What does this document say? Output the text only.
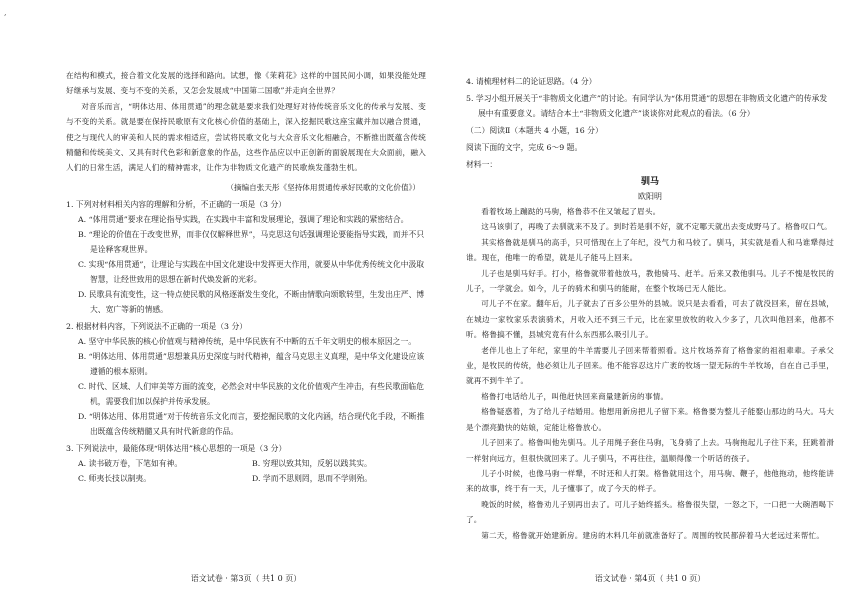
,

在结构和模式，接合着文化发展的选择和路向。试想，像《茉莉花》这样的中国民间小调，如果没能处理好继承与发展、变与不变的关系，又怎会发展成“中国第二国歌”并走向全世界？

对音乐而言，“明体达用、体用贯通”的理念就是要求我们处理好对待传统音乐文化的传承与发展、变与不变的关系。就是要在保持民歌原有文化核心价值的基础上，深入挖掘民歌这座宝藏并加以融合贯通，使之与现代人的审美和人民的需求相适应，尝试将民歌文化与大众音乐文化相融合，不断推出既蕴含传统精髓和传统美文、又具有时代色彩和新意象的作品，这些作品应以中正创新的面貌展现在大众面前，融入人们的日常生活，满足人们的精神需求，让作为非物质文化遗产的民歌焕发蓬勃生机。

（摘编自张天彤《坚持体用贯通传承好民歌的文化价值》）
1. 下列对材料相关内容的理解和分析，不正确的一项是（3 分）
A. “体用贯通”要求在理论指导实践，在实践中丰富和发展理论，强调了理论和实践的紧密结合。
B. “理论的价值在于改变世界，而非仅仅解释世界”，马克思这句话强调理论要能指导实践，而并不只是诠释客观世界。
C. 实现“体用贯通”，让理论与实践在中国文化建设中发挥更大作用，就要从中华优秀传统文化中汲取智慧，让经世致用的思想在新时代焕发新的光彩。
D. 民歌具有流变性，这一特点使民歌的风格逐渐发生变化，不断由情歌向颂歌转型，生发出庄严、博大、宽广等新的情感。
2. 根据材料内容，下列说法不正确的一项是（3 分）
A. 坚守中华民族的核心价值观与精神传统，是中华民族有不中断的五千年文明史的根本原因之一。
B. “明体达用、体用贯通”思想兼具历史深度与时代精神，蕴含马克思主义真理，是中华文化建设应该遵循的根本原则。
C. 时代、区域、人们审美等方面的流变，必然会对中华民族的文化价值观产生冲击，有些民歌面临危机，需要我们加以保护并传承发展。
D. “明体达用、体用贯通”对于传统音乐文化而言，要挖掘民歌的文化内涵，结合现代化手段，不断推出既蕴含传统精髓又具有时代新意的作品。
3. 下列说法中，最能体现“明体达用”核心思想的一项是（3 分）
A. 读书破万卷，下笔如有神。	B. 穷理以致其知，反躬以践其实。
C. 师夷长技以制夷。	D. 学而不思则罔，思而不学则殆。
语文试卷 · 第3页（ 共1 0 页）
4. 请梳理材料二的论证思路。（4 分）
5. 学习小组开展关于“非物质文化遗产”的讨论。有同学认为“体用贯通”的思想在非物质文化遗产的传承发展中有重要意义。请结合本土“非物质文化遗产”谈谈你对此观点的看法。（6 分）
（二）阅读Ⅱ（本题共 4 小题，16 分）
阅读下面的文字，完成 6～9 题。
材料一：
驯马
欧阳明

看着牧场上蹦跶的马驹，格鲁恭不住又皱起了眉头。

这马该驯了，再晚了去驯就来不及了。到时若是驯不好，就不定哪天就出去变成野马了。格鲁叹口气。

其实格鲁就是驯马的高手，只可惜现在上了年纪，没气力和马较了。驯马，其实就是看人和马谁犟得过谁。现在，他唯一的希望，就是儿子能马上回来。

儿子也是驯马好手。打小，格鲁就带着他放马，教他骑马、赶羊。后来又教他驯马。儿子不愧是牧民的儿子，一学就会。如今，儿子的骑术和驯马的能耐，在整个牧场已无人能比。

可儿子不在家。翻年后，儿子就去了百多公里外的县城。说只是去看看，可去了就没回来，留在县城，在城边一家牧家乐表演骑术，月收入还不到三千元，比在家里放牧的收入少多了，几次叫他回来，他都不听。格鲁搞不懂，县城究竟有什么东西那么吸引儿子。

老伴儿也上了年纪，家里的牛羊需要儿子回来帮着照看。这片牧场养育了格鲁家的祖祖辈辈。子承父业，是牧民的传统，他必须让儿子回来。他不能容忍这片广袤的牧场一望无际的牛羊牧场，自在自己手里，就再不到牛羊了。

格鲁打电话给儿子，叫他赶快回来商量建新房的事情。

格鲁疑惑着，为了给儿子结婚用。他想用新房把儿子留下来。格鲁要为整儿子能娶山那边的马大。马大是个漂亮勤快的姑娘，定能让格鲁放心。

儿子回来了。格鲁叫他先驯马。儿子用绳子套住马驹，飞身骑了上去。马驹拖起儿子往下来，狂跳着滑一样射向远方，但很快就回来了。儿子驯马，不再往往，温顺得像一个听话的孩子。

儿子小时候，也像马驹一样犟，不时还和人打架。格鲁就用这个，用马驹、鞭子，他他拖动，他终能讲来的故事，终于有一天，儿子懂事了，成了今天的样子。

晚饭的时候，格鲁劝儿子别再出去了。可儿子始终摇头。格鲁很失望，一怒之下，一口把一大碗酒喝下了。

第二天，格鲁就开始建新房。建房的木料几年前就准备好了。周围的牧民都辞着马大老远过来帮忙。

语文试卷 · 第4页（ 共1 0 页）
